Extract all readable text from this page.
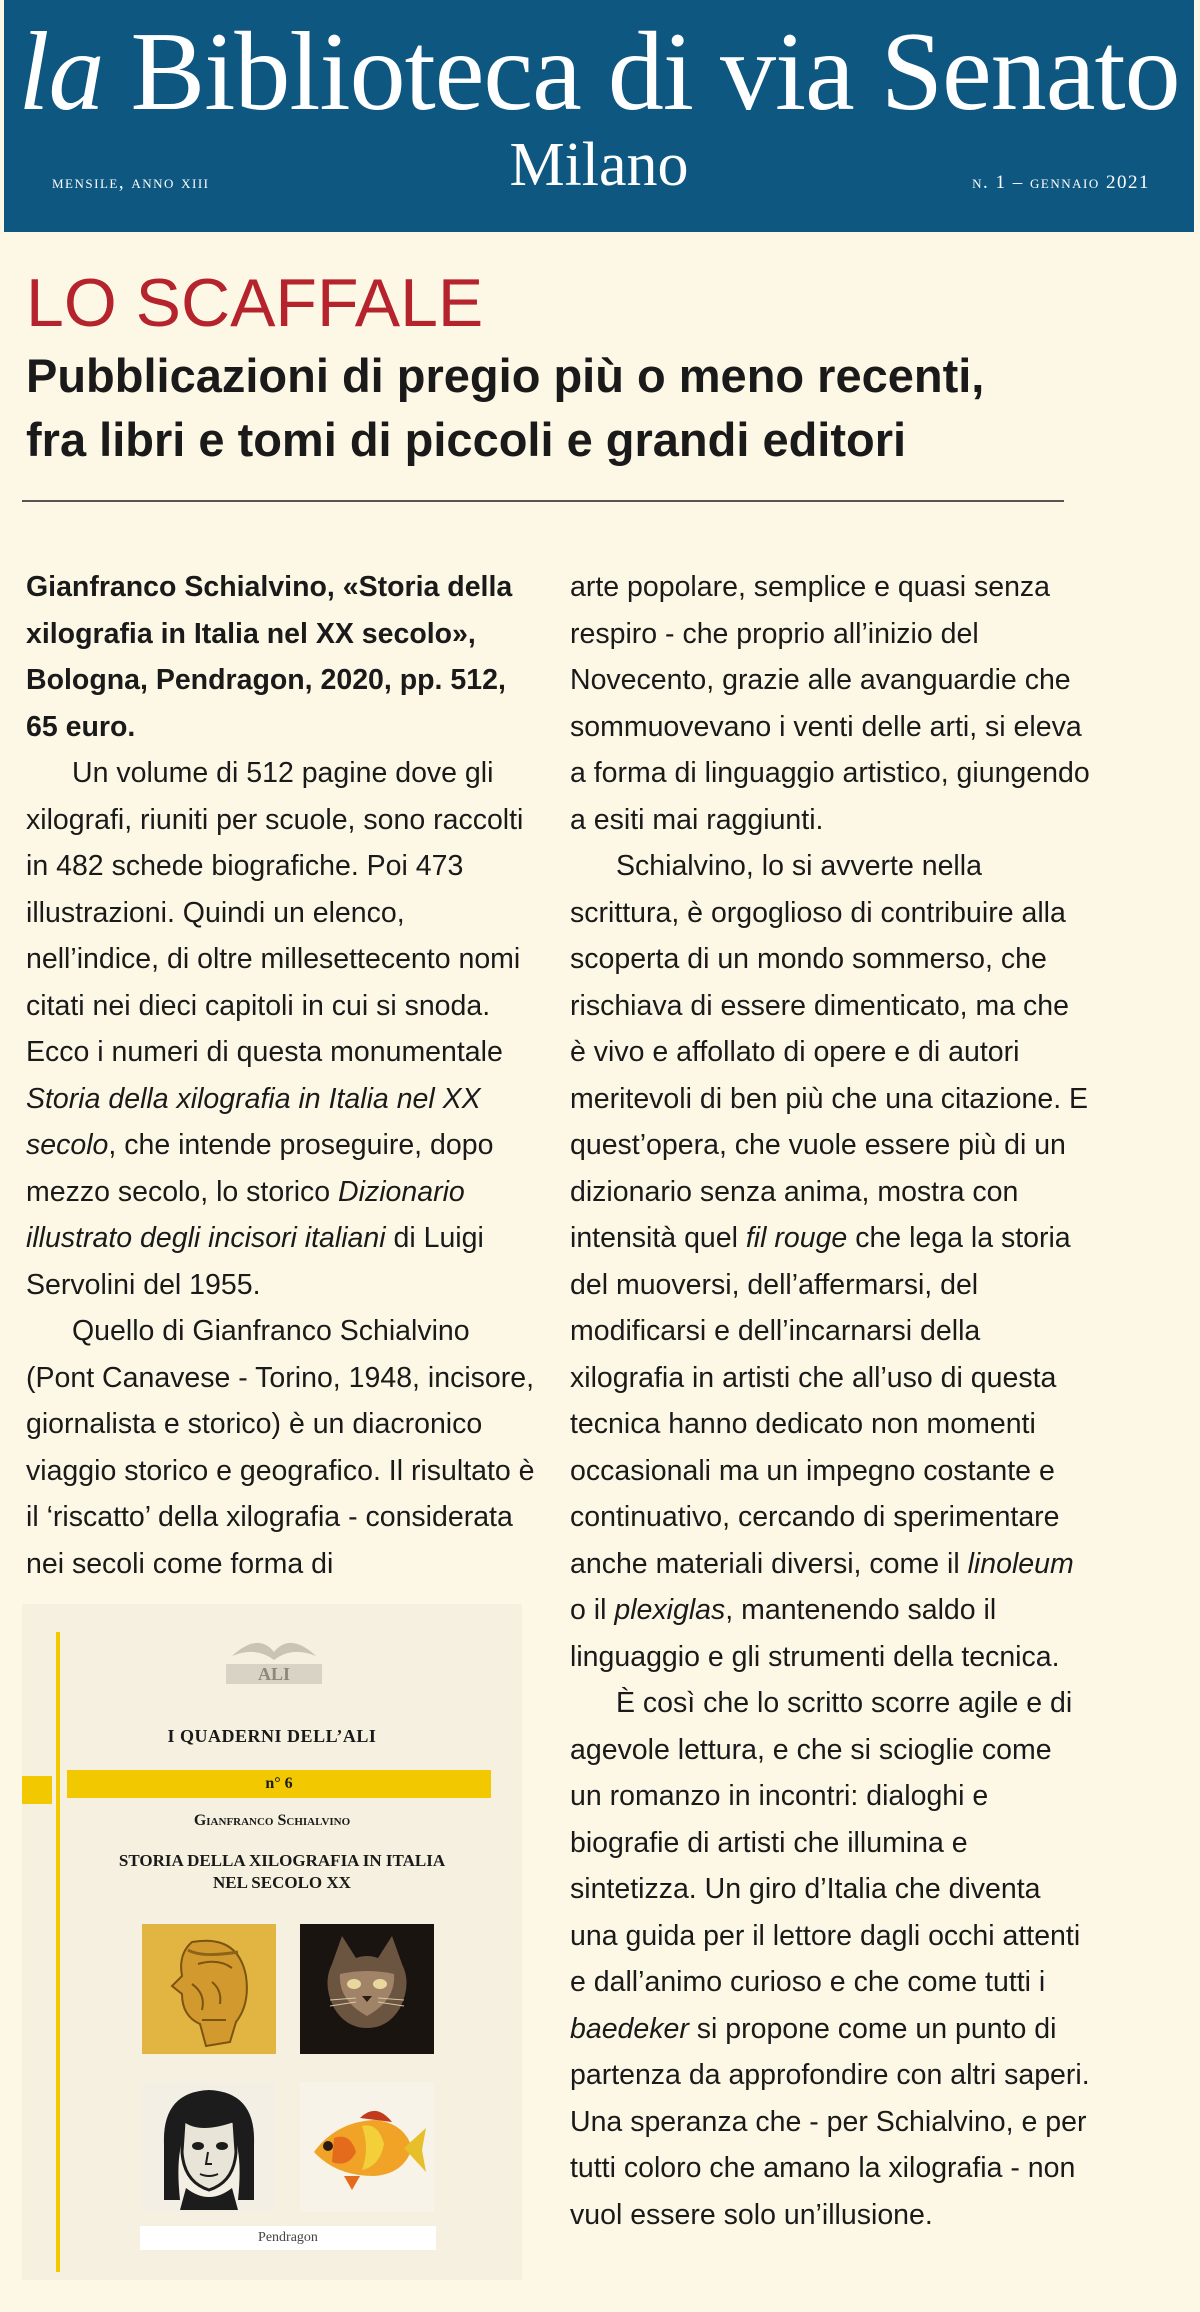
la Biblioteca di via Senato
mensile, anno xiii	Milano	n. 1 – gennaio 2021
LO SCAFFALE
Pubblicazioni di pregio più o meno recenti,
fra libri e tomi di piccoli e grandi editori

Gianfranco Schialvino, «Storia della xilografia in Italia nel XX secolo», Bologna, Pendragon, 2020, pp. 512, 65 euro.

Un volume di 512 pagine dove gli xilografi, riuniti per scuole, sono raccolti in 482 schede biografiche. Poi 473 illustrazioni. Quindi un elenco, nell’indice, di oltre millesettecento nomi citati nei dieci capitoli in cui si snoda. Ecco i numeri di questa monumentale Storia della xilografia in Italia nel XX secolo, che intende proseguire, dopo mezzo secolo, lo storico Dizionario illustrato degli incisori italiani di Luigi Servolini del 1955.

Quello di Gianfranco Schialvino (Pont Canavese - Torino, 1948, incisore, giornalista e storico) è un diacronico viaggio storico e geografico. Il risultato è il ‘riscatto’ della xilografia - considerata nei secoli come forma di

arte popolare, semplice e quasi senza respiro - che proprio all’inizio del Novecento, grazie alle avanguardie che sommuovevano i venti delle arti, si eleva a forma di linguaggio artistico, giungendo a esiti mai raggiunti.

Schialvino, lo si avverte nella scrittura, è orgoglioso di contribuire alla scoperta di un mondo sommerso, che rischiava di essere dimenticato, ma che è vivo e affollato di opere e di autori meritevoli di ben più che una citazione. E quest’opera, che vuole essere più di un dizionario senza anima, mostra con intensità quel fil rouge che lega la storia del muoversi, dell’affermarsi, del modificarsi e dell’incarnarsi della xilografia in artisti che all’uso di questa tecnica hanno dedicato non momenti occasionali ma un impegno costante e continuativo, cercando di sperimentare anche materiali diversi, come il linoleum o il plexiglas, mantenendo saldo il linguaggio e gli strumenti della tecnica.

È così che lo scritto scorre agile e di agevole lettura, e che si scioglie come un romanzo in incontri: dialoghi e biografie di artisti che illumina e sintetizza. Un giro d’Italia che diventa una guida per il lettore dagli occhi attenti e dall’animo curioso e che come tutti i baedeker si propone come un punto di partenza da approfondire con altri saperi. Una speranza che - per Schialvino, e per tutti coloro che amano la xilografia - non vuol essere solo un’illusione.

ALI
I QUADERNI DELL’ALI
n° 6
Gianfranco Schialvino
STORIA DELLA XILOGRAFIA IN ITALIA
NEL SECOLO XX
Pendragon
